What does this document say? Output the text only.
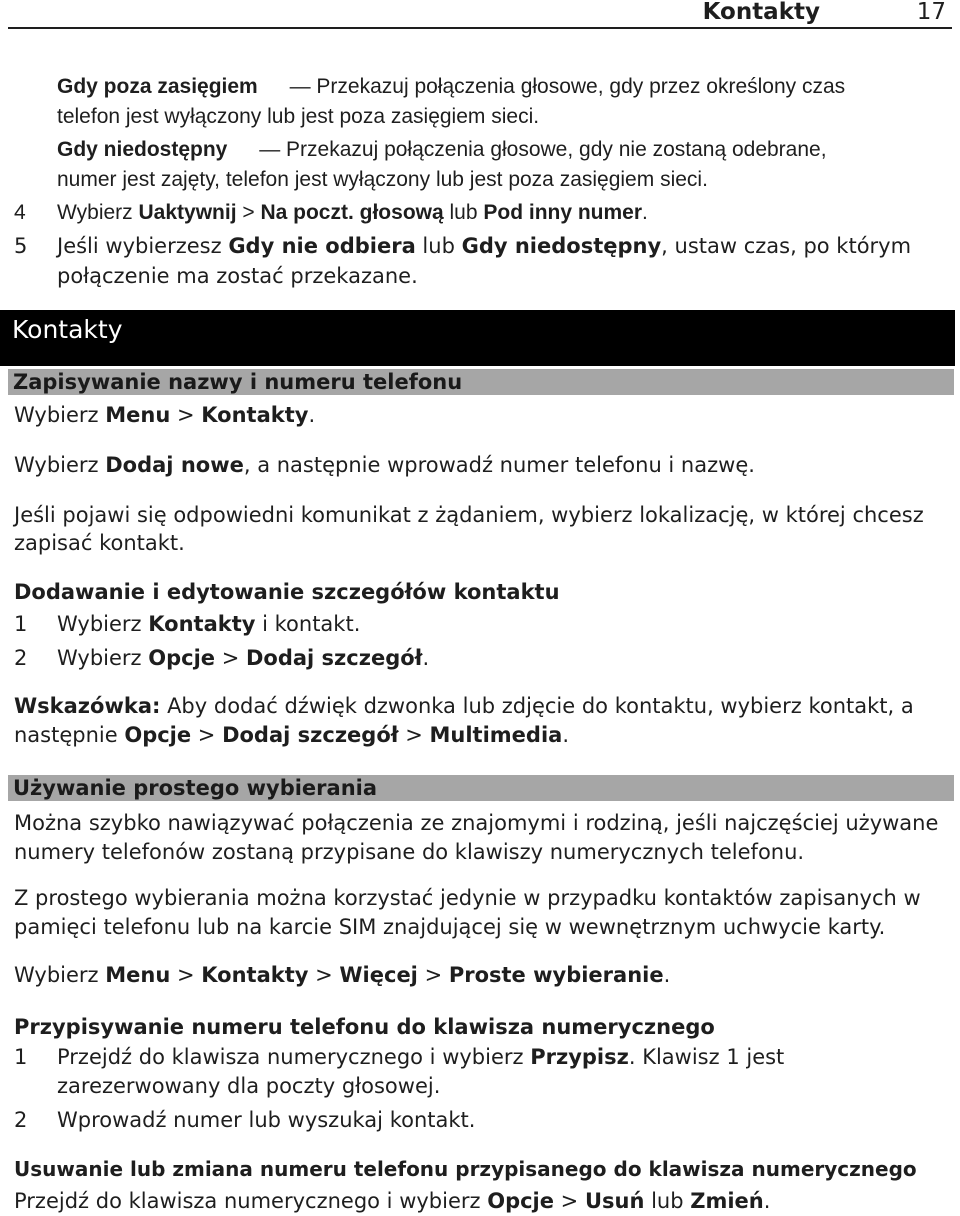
Kontakty	17
Gdy poza zasięgiem — Przekazuj połączenia głosowe, gdy przez określony czas
telefon jest wyłączony lub jest poza zasięgiem sieci.
Gdy niedostępny — Przekazuj połączenia głosowe, gdy nie zostaną odebrane,
numer jest zajęty, telefon jest wyłączony lub jest poza zasięgiem sieci.
4 Wybierz Uaktywnij > Na poczt. głosową lub Pod inny numer.
5 Jeśli wybierzesz Gdy nie odbiera lub Gdy niedostępny, ustaw czas, po którym
połączenie ma zostać przekazane.
Kontakty
Zapisywanie nazwy i numeru telefonu
Wybierz Menu > Kontakty.
Wybierz Dodaj nowe, a następnie wprowadź numer telefonu i nazwę.
Jeśli pojawi się odpowiedni komunikat z żądaniem, wybierz lokalizację, w której chcesz
zapisać kontakt.
Dodawanie i edytowanie szczegółów kontaktu
1 Wybierz Kontakty i kontakt.
2 Wybierz Opcje > Dodaj szczegół.
Wskazówka: Aby dodać dźwięk dzwonka lub zdjęcie do kontaktu, wybierz kontakt, a
następnie Opcje > Dodaj szczegół > Multimedia.
Używanie prostego wybierania
Można szybko nawiązywać połączenia ze znajomymi i rodziną, jeśli najczęściej używane
numery telefonów zostaną przypisane do klawiszy numerycznych telefonu.
Z prostego wybierania można korzystać jedynie w przypadku kontaktów zapisanych w
pamięci telefonu lub na karcie SIM znajdującej się w wewnętrznym uchwycie karty.
Wybierz Menu > Kontakty > Więcej > Proste wybieranie.
Przypisywanie numeru telefonu do klawisza numerycznego
1 Przejdź do klawisza numerycznego i wybierz Przypisz. Klawisz 1 jest
zarezerwowany dla poczty głosowej.
2 Wprowadź numer lub wyszukaj kontakt.
Usuwanie lub zmiana numeru telefonu przypisanego do klawisza numerycznego
Przejdź do klawisza numerycznego i wybierz Opcje > Usuń lub Zmień.
